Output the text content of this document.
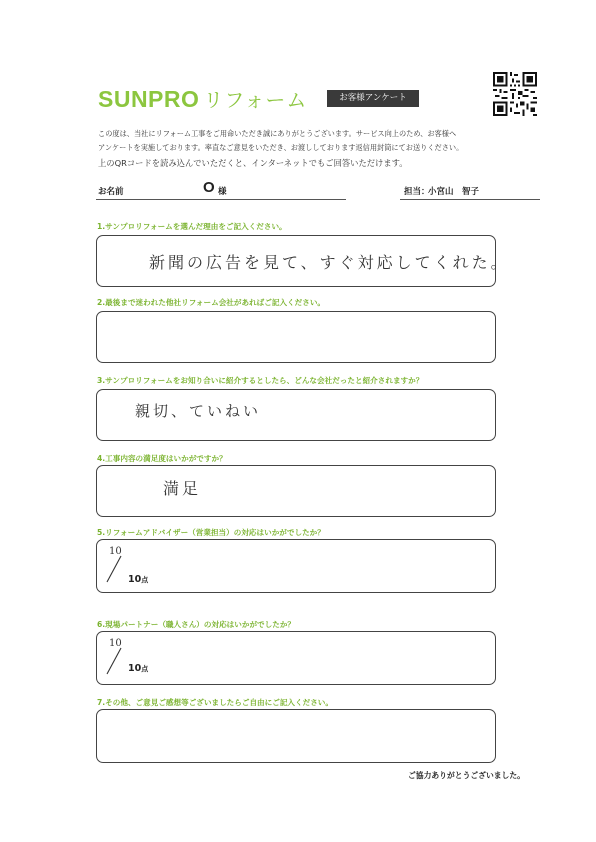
SUNPRO リフォーム	お客様アンケート
この度は、当社にリフォーム工事をご用命いただき誠にありがとうございます。サービス向上のため、お客様へ
アンケートを実施しております。率直なご意見をいただき、お渡ししております返信用封筒にてお送りください。
上のQRコードを読み込んでいただくと、インターネットでもご回答いただけます。
お名前	O 様	担当：
小宮山　智子
1.サンプロリフォームを選んだ理由をご記入ください。
新聞の広告を見て、すぐ対応してくれた。
2.最後まで迷われた他社リフォーム会社があればご記入ください。
3.サンプロリフォームをお知り合いに紹介するとしたら、どんな会社だったと紹介されますか？
親切、ていねい
4.工事内容の満足度はいかがですか？
満足
5.リフォームアドバイザー（営業担当）の対応はいかがでしたか？
10
10点
6.現場パートナー（職人さん）の対応はいかがでしたか？
10
10点
7.その他、ご意見ご感想等ございましたらご自由にご記入ください。
ご協力ありがとうございました。
